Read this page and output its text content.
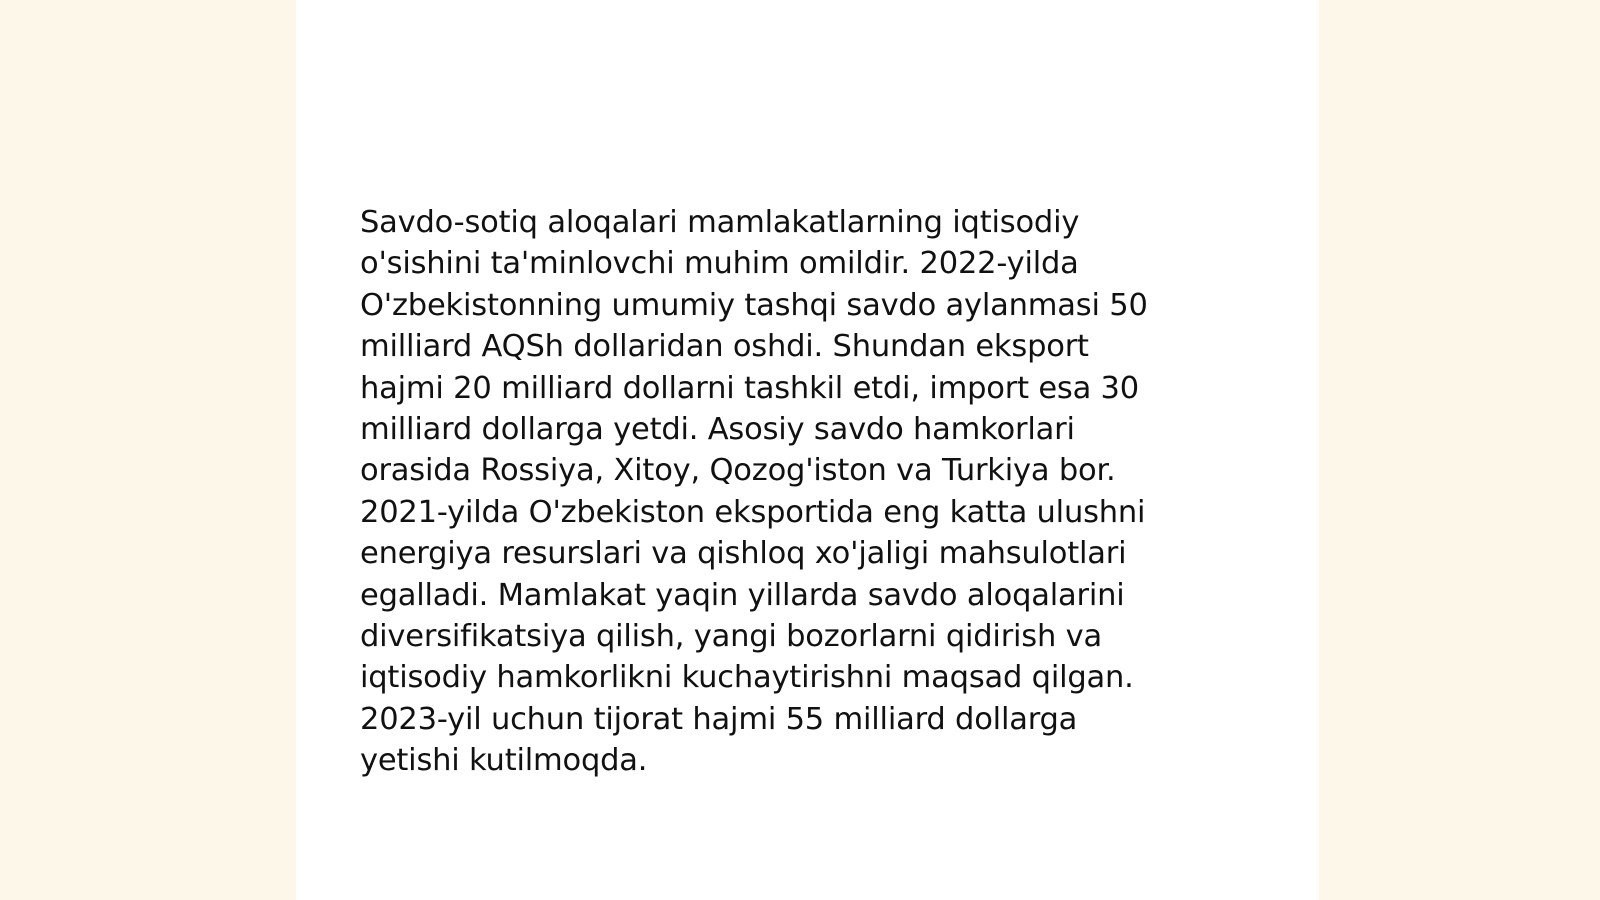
Savdo-sotiq aloqalari mamlakatlarning iqtisodiy
o'sishini ta'minlovchi muhim omildir. 2022-yilda
O'zbekistonning umumiy tashqi savdo aylanmasi 50
milliard AQSh dollaridan oshdi. Shundan eksport
hajmi 20 milliard dollarni tashkil etdi, import esa 30
milliard dollarga yetdi. Asosiy savdo hamkorlari
orasida Rossiya, Xitoy, Qozog'iston va Turkiya bor.
2021-yilda O'zbekiston eksportida eng katta ulushni
energiya resurslari va qishloq xo'jaligi mahsulotlari
egalladi. Mamlakat yaqin yillarda savdo aloqalarini
diversifikatsiya qilish, yangi bozorlarni qidirish va
iqtisodiy hamkorlikni kuchaytirishni maqsad qilgan.
2023-yil uchun tijorat hajmi 55 milliard dollarga
yetishi kutilmoqda.
